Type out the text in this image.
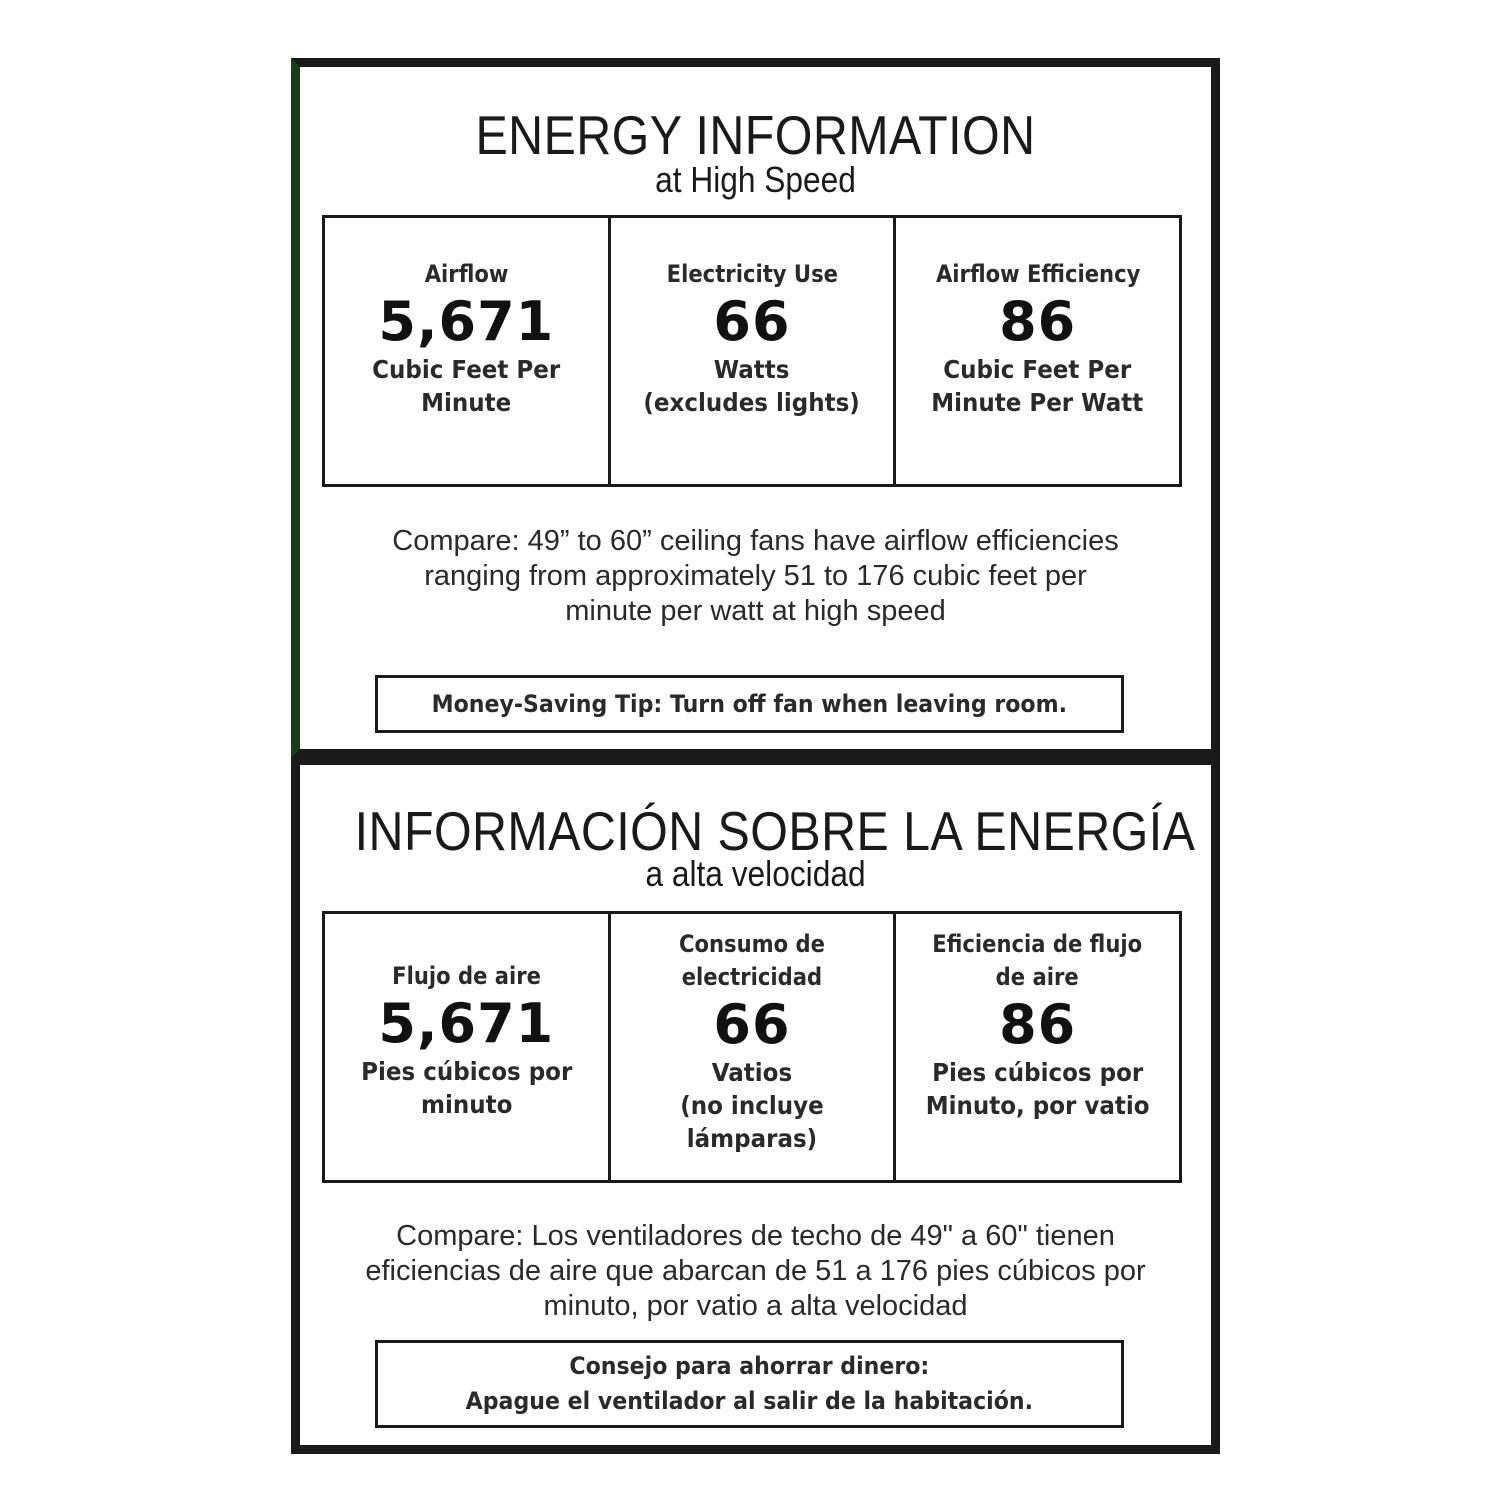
ENERGY INFORMATION
at High Speed
Airflow
5,671
Cubic Feet Per
Minute
Electricity Use
66
Watts
(excludes lights)
Airflow Efficiency
86
Cubic Feet Per
Minute Per Watt
Compare: 49” to 60” ceiling fans have airflow efficiencies
ranging from approximately 51 to 176 cubic feet per
minute per watt at high speed
Money-Saving Tip: Turn off fan when leaving room.
INFORMACIÓN SOBRE LA ENERGÍA
a alta velocidad
Flujo de aire
5,671
Pies cúbicos por
minuto
Consumo de
electricidad
66
Vatios
(no incluye
lámparas)
Eficiencia de flujo
de aire
86
Pies cúbicos por
Minuto, por vatio
Compare: Los ventiladores de techo de 49" a 60" tienen
eficiencias de aire que abarcan de 51 a 176 pies cúbicos por
minuto, por vatio a alta velocidad
Consejo para ahorrar dinero:
Apague el ventilador al salir de la habitación.
